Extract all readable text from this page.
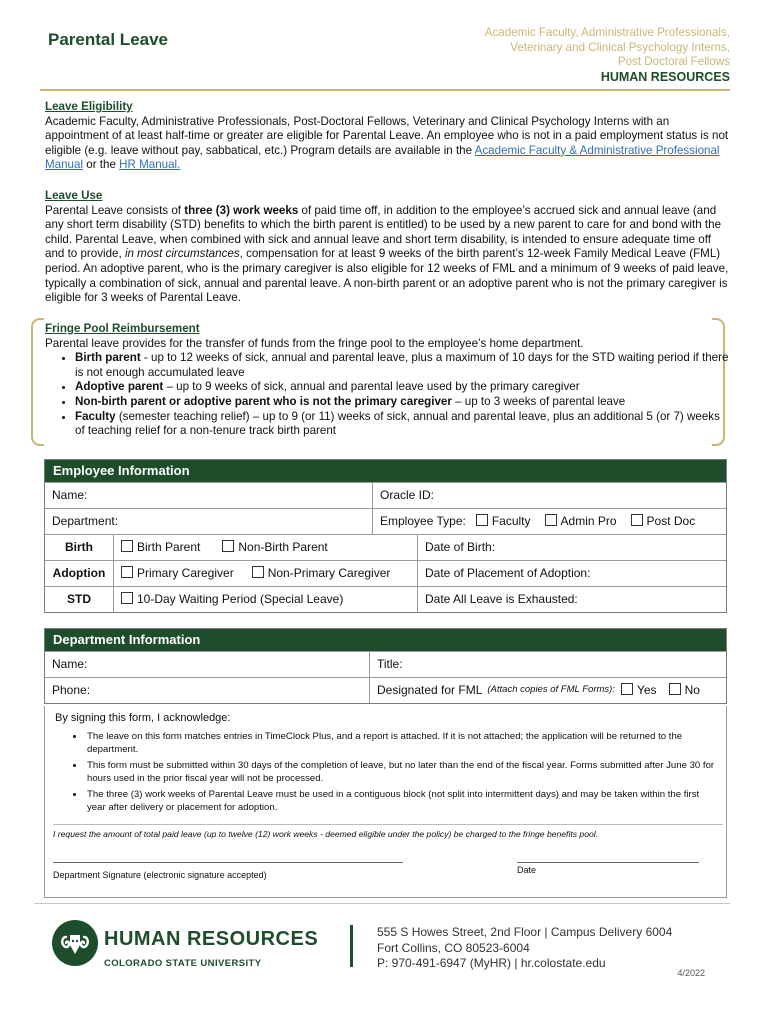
Parental Leave	Academic Faculty, Administrative Professionals,
Veterinary and Clinical Psychology Interns,
Post Doctoral Fellows
HUMAN RESOURCES
Leave Eligibility
Academic Faculty, Administrative Professionals, Post-Doctoral Fellows, Veterinary and Clinical Psychology Interns with an appointment of at least half-time or greater are eligible for Parental Leave. An employee who is not in a paid employment status is not eligible (e.g. leave without pay, sabbatical, etc.) Program details are available in the Academic Faculty & Administrative Professional Manual or the HR Manual.
Leave Use
Parental Leave consists of three (3) work weeks of paid time off, in addition to the employee’s accrued sick and annual leave (and any short term disability (STD) benefits to which the birth parent is entitled) to be used by a new parent to care for and bond with the child. Parental Leave, when combined with sick and annual leave and short term disability, is intended to ensure adequate time off and to provide, in most circumstances, compensation for at least 9 weeks of the birth parent’s 12-week Family Medical Leave (FML) period. An adoptive parent, who is the primary caregiver is also eligible for 12 weeks of FML and a minimum of 9 weeks of paid leave, typically a combination of sick, annual and parental leave. A non-birth parent or an adoptive parent who is not the primary caregiver is eligible for 3 weeks of Parental Leave.
Fringe Pool Reimbursement
Parental leave provides for the transfer of funds from the fringe pool to the employee’s home department.
• Birth parent - up to 12 weeks of sick, annual and parental leave, plus a maximum of 10 days for the STD waiting period if there is not enough accumulated leave
• Adoptive parent – up to 9 weeks of sick, annual and parental leave used by the primary caregiver
• Non-birth parent or adoptive parent who is not the primary caregiver – up to 3 weeks of parental leave
• Faculty (semester teaching relief) – up to 9 (or 11) weeks of sick, annual and parental leave, plus an additional 5 (or 7) weeks of teaching relief for a non-tenure track birth parent
Employee Information
Name:	Oracle ID:
Department:	Employee Type:	Faculty	Admin Pro	Post Doc
Birth	Birth Parent	Non-Birth Parent	Date of Birth:
Adoption	Primary Caregiver	Non-Primary Caregiver	Date of Placement of Adoption:
STD	10-Day Waiting Period (Special Leave)	Date All Leave is Exhausted:
Department Information
Name:	Title:
Phone:	Designated for FML (Attach copies of FML Forms):	Yes	No
By signing this form, I acknowledge:
• The leave on this form matches entries in TimeClock Plus, and a report is attached. If it is not attached; the application will be returned to the department.
• This form must be submitted within 30 days of the completion of leave, but no later than the end of the fiscal year. Forms submitted after June 30 for hours used in the prior fiscal year will not be processed.
• The three (3) work weeks of Parental Leave must be used in a contiguous block (not split into intermittent days) and may be taken within the first year after delivery or placement for adoption.
I request the amount of total paid leave (up to twelve (12) work weeks - deemed eligible under the policy) be charged to the fringe benefits pool.
Department Signature (electronic signature accepted)	Date
HUMAN RESOURCES
COLORADO STATE UNIVERSITY
555 S Howes Street, 2nd Floor | Campus Delivery 6004
Fort Collins, CO 80523-6004
P: 970-491-6947 (MyHR) | hr.colostate.edu
4/2022
